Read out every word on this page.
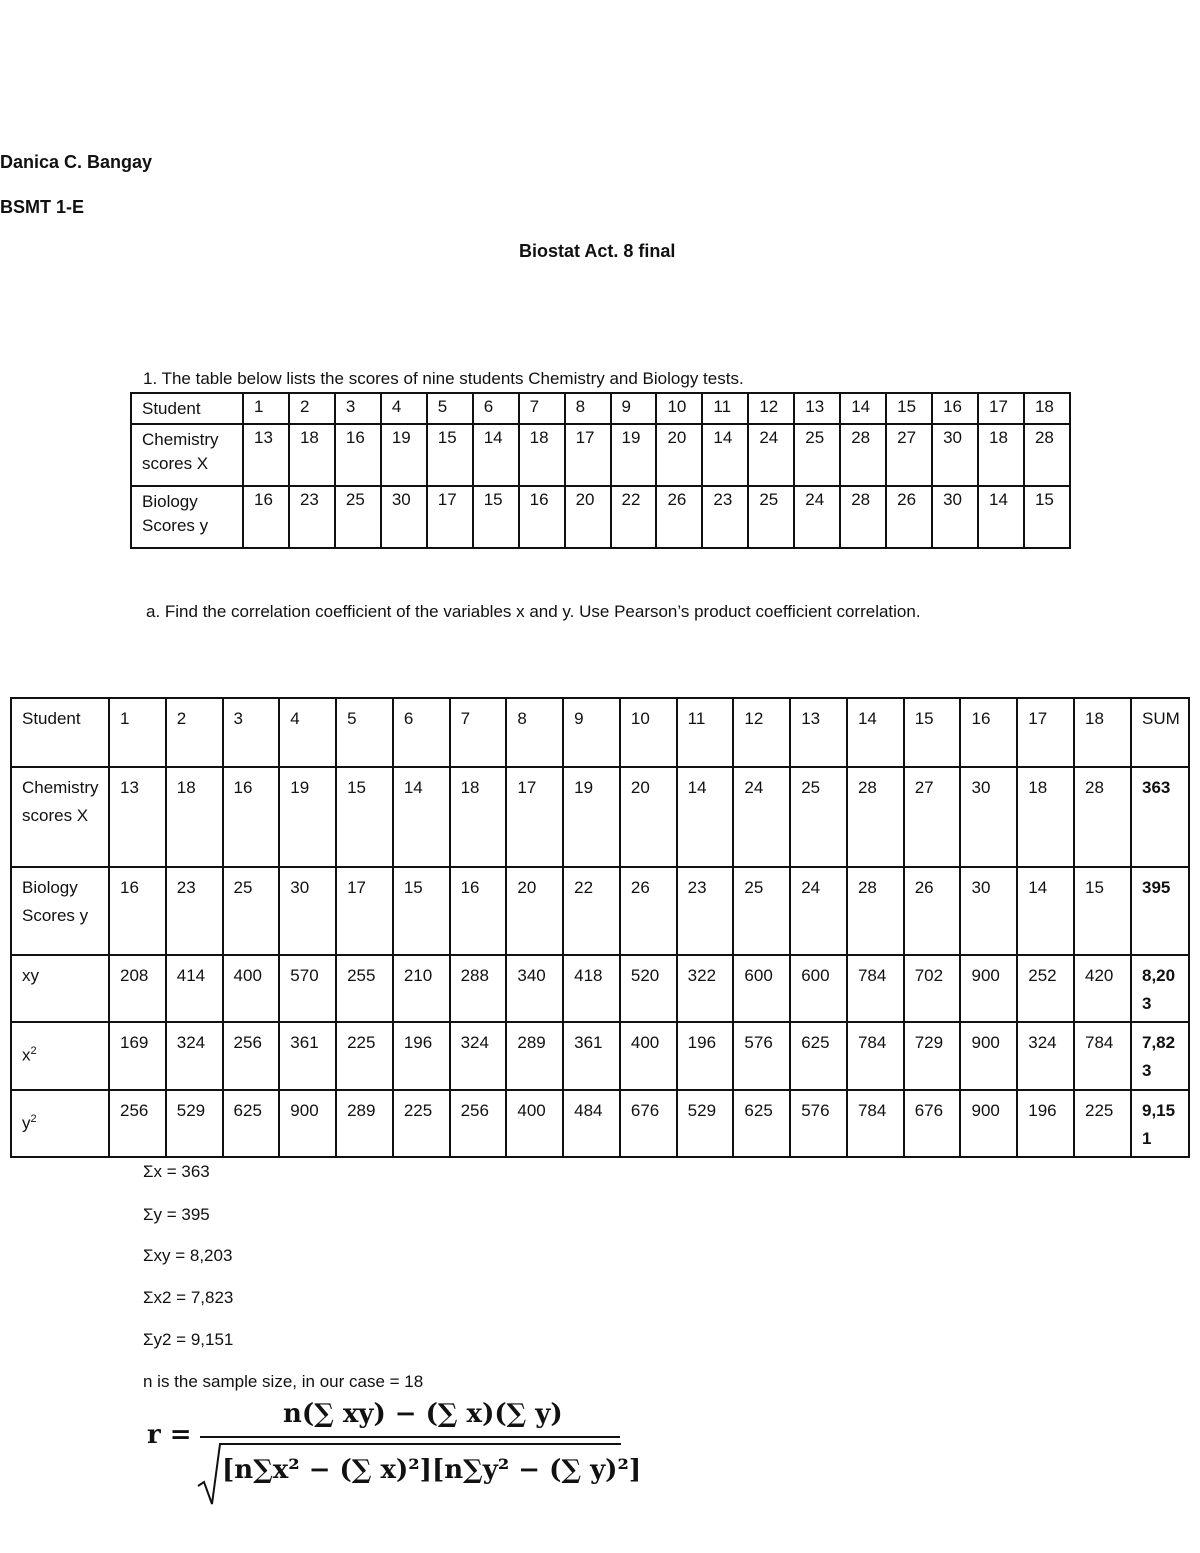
Danica C. Bangay
BSMT 1-E
Biostat Act. 8 final
1. The table below lists the scores of nine students Chemistry and Biology tests.
Student	1	2	3	4	5	6	7	8	9	10	11	12	13	14	15	16	17	18
Chemistry scores X	13	18	16	19	15	14	18	17	19	20	14	24	25	28	27	30	18	28
Biology Scores y	16	23	25	30	17	15	16	20	22	26	23	25	24	28	26	30	14	15
a. Find the correlation coefficient of the variables x and y. Use Pearson’s product coefficient correlation.
Student	1	2	3	4	5	6	7	8	9	10	11	12	13	14	15	16	17	18	SUM
Chemistry scores X	13	18	16	19	15	14	18	17	19	20	14	24	25	28	27	30	18	28	363
Biology Scores y	16	23	25	30	17	15	16	20	22	26	23	25	24	28	26	30	14	15	395
xy	208	414	400	570	255	210	288	340	418	520	322	600	600	784	702	900	252	420	8,203
$x^2$	169	324	256	361	225	196	324	289	361	400	196	576	625	784	729	900	324	784	7,823
$y^2$	256	529	625	900	289	225	256	400	484	676	529	625	576	784	676	900	196	225	9,151
Σx = 363
Σy = 395
Σxy = 8,203
Σx2 = 7,823
Σy2 = 9,151
n is the sample size, in our case = 18
r =
n(∑ xy) − (∑ x)(∑ y)
[n∑x² − (∑ x)²][n∑y² − (∑ y)²]
